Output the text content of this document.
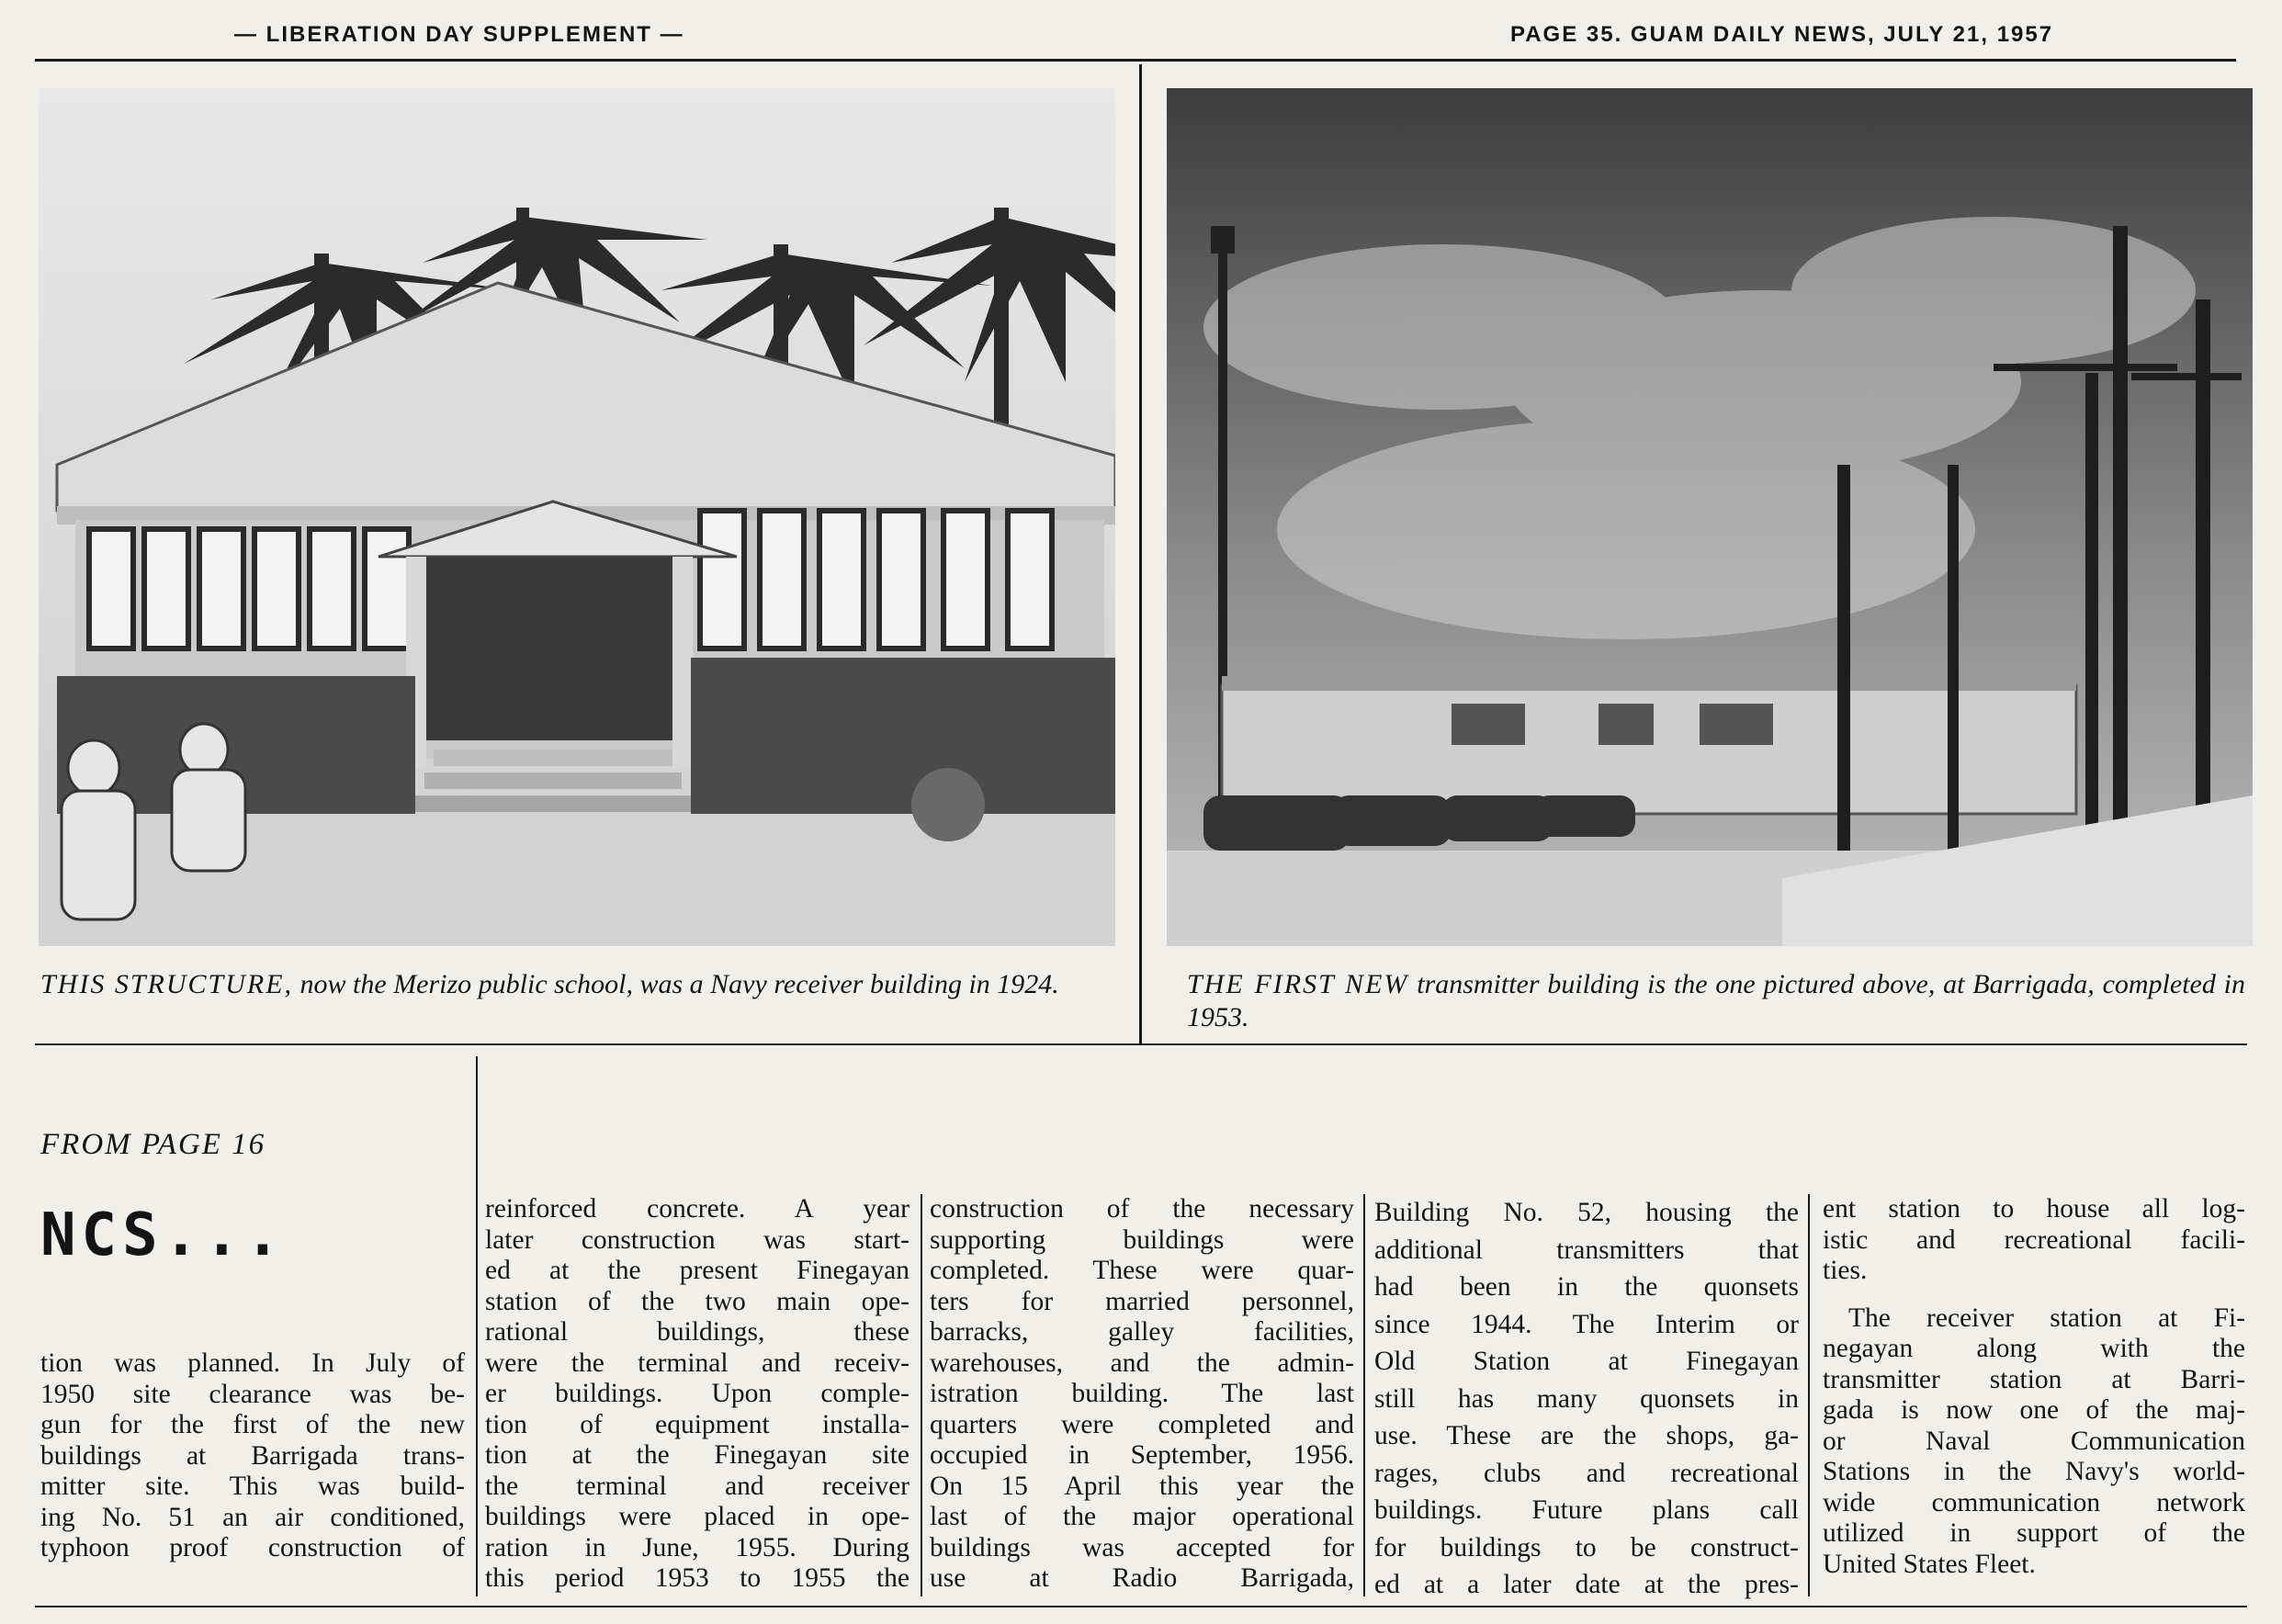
— LIBERATION DAY SUPPLEMENT —	PAGE 35. GUAM DAILY NEWS, JULY 21, 1957
THIS STRUCTURE, now the Merizo public school, was a Navy receiver building in 1924.	THE FIRST NEW transmitter building is the one pictured above, at Barrigada, completed in 1953.
FROM PAGE 16
NCS...
tion was planned. In July of
1950 site clearance was be-
gun for the first of the new
buildings at Barrigada trans-
mitter site. This was build-
ing No. 51 an air conditioned,
typhoon proof construction of
reinforced concrete. A year
later construction was start-
ed at the present Finegayan
station of the two main ope-
rational buildings, these
were the terminal and receiv-
er buildings. Upon comple-
tion of equipment installa-
tion at the Finegayan site
the terminal and receiver
buildings were placed in ope-
ration in June, 1955. During
this period 1953 to 1955 the
construction of the necessary
supporting buildings were
completed. These were quar-
ters for married personnel,
barracks, galley facilities,
warehouses, and the admin-
istration building. The last
quarters were completed and
occupied in September, 1956.
On 15 April this year the
last of the major operational
buildings was accepted for
use at Radio Barrigada,
Building No. 52, housing the
additional transmitters that
had been in the quonsets
since 1944. The Interim or
Old Station at Finegayan
still has many quonsets in
use. These are the shops, ga-
rages, clubs and recreational
buildings. Future plans call
for buildings to be construct-
ed at a later date at the pres-
ent station to house all log-
istic and recreational facili-
ties.
The receiver station at Fi-
negayan along with the
transmitter station at Barri-
gada is now one of the maj-
or Naval Communication
Stations in the Navy's world-
wide communication network
utilized in support of the
United States Fleet.
